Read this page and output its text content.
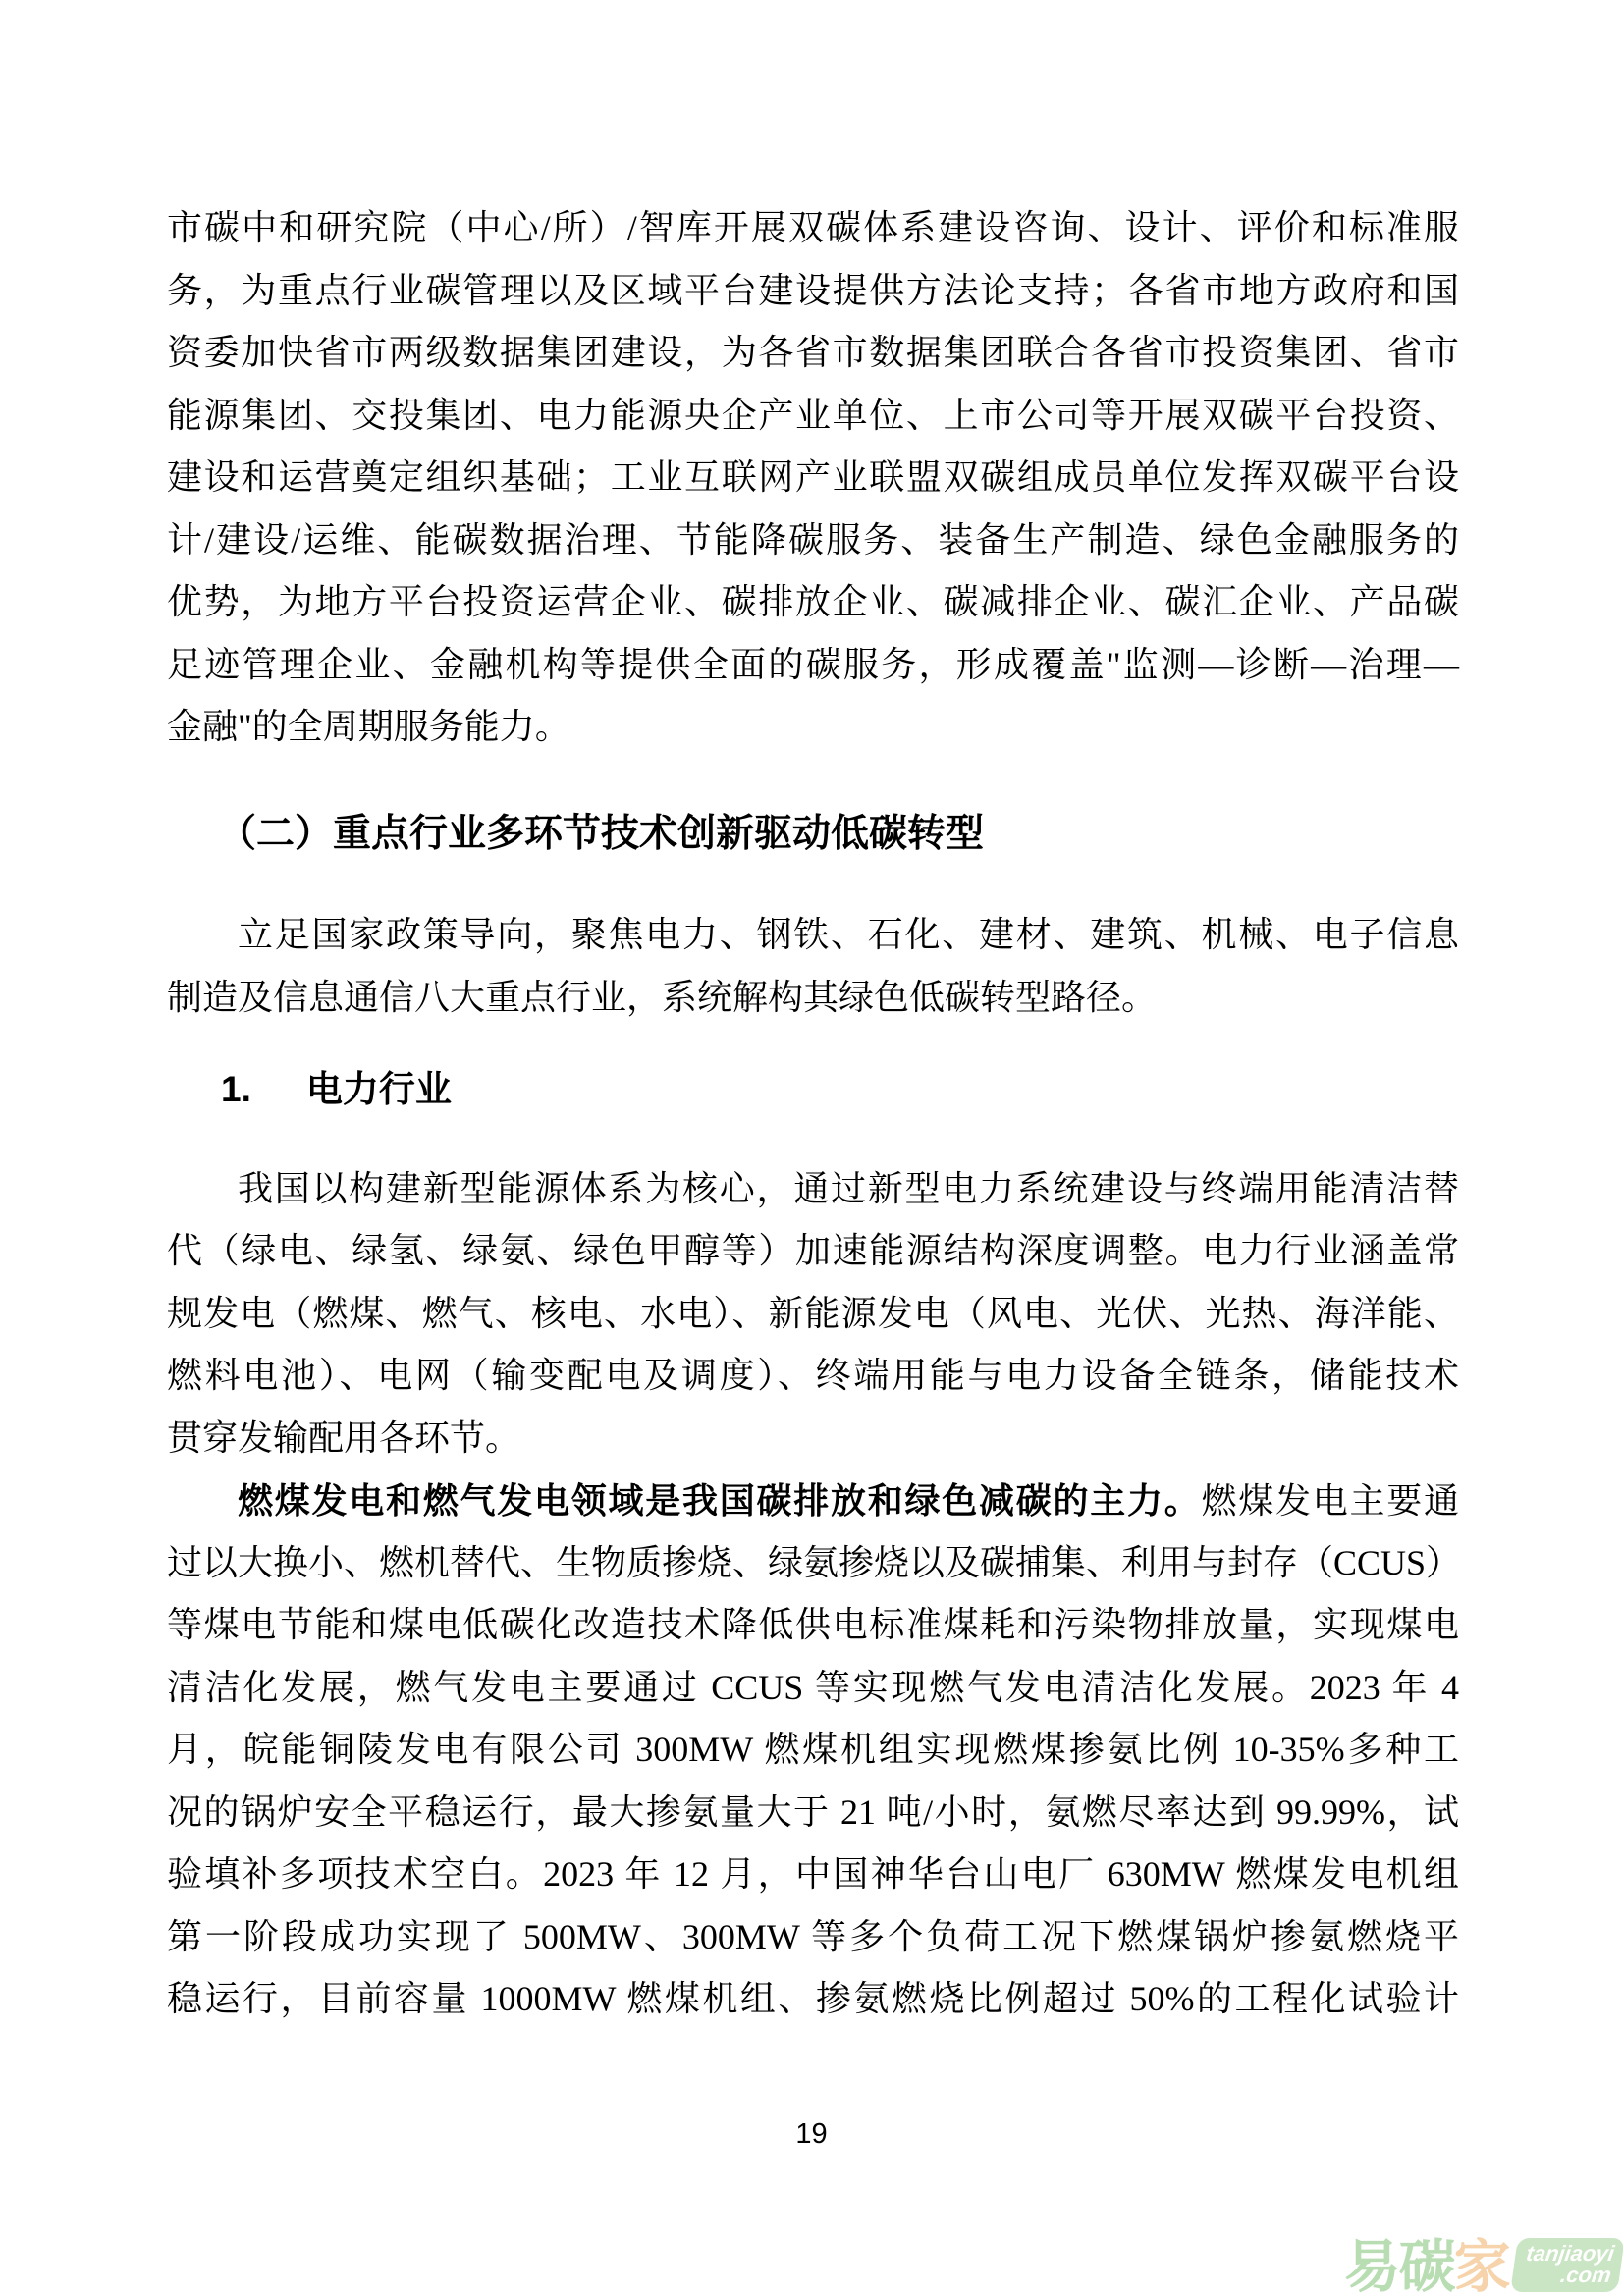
市碳中和研究院（中心/所）/智库开展双碳体系建设咨询、设计、评价和标准服
务，为重点行业碳管理以及区域平台建设提供方法论支持；各省市地方政府和国
资委加快省市两级数据集团建设，为各省市数据集团联合各省市投资集团、省市
能源集团、交投集团、电力能源央企产业单位、上市公司等开展双碳平台投资、
建设和运营奠定组织基础；工业互联网产业联盟双碳组成员单位发挥双碳平台设
计/建设/运维、能碳数据治理、节能降碳服务、装备生产制造、绿色金融服务的
优势，为地方平台投资运营企业、碳排放企业、碳减排企业、碳汇企业、产品碳
足迹管理企业、金融机构等提供全面的碳服务，形成覆盖"监测—诊断—治理—
金融"的全周期服务能力。
（二）重点行业多环节技术创新驱动低碳转型
立足国家政策导向，聚焦电力、钢铁、石化、建材、建筑、机械、电子信息
制造及信息通信八大重点行业，系统解构其绿色低碳转型路径。
1. 电力行业
我国以构建新型能源体系为核心，通过新型电力系统建设与终端用能清洁替
代（绿电、绿氢、绿氨、绿色甲醇等）加速能源结构深度调整。电力行业涵盖常
规发电（燃煤、燃气、核电、水电）、新能源发电（风电、光伏、光热、海洋能、
燃料电池）、电网（输变配电及调度）、终端用能与电力设备全链条，储能技术
贯穿发输配用各环节。
燃煤发电和燃气发电领域是我国碳排放和绿色减碳的主力。燃煤发电主要通
过以大换小、燃机替代、生物质掺烧、绿氨掺烧以及碳捕集、利用与封存（CCUS）
等煤电节能和煤电低碳化改造技术降低供电标准煤耗和污染物排放量，实现煤电
清洁化发展，燃气发电主要通过 CCUS 等实现燃气发电清洁化发展。2023 年 4
月，皖能铜陵发电有限公司 300MW 燃煤机组实现燃煤掺氨比例 10-35%多种工
况的锅炉安全平稳运行，最大掺氨量大于 21 吨/小时，氨燃尽率达到 99.99%，试
验填补多项技术空白。2023 年 12 月，中国神华台山电厂 630MW 燃煤发电机组
第一阶段成功实现了 500MW、300MW 等多个负荷工况下燃煤锅炉掺氨燃烧平
稳运行，目前容量 1000MW 燃煤机组、掺氨燃烧比例超过 50%的工程化试验计
19
易 碳 家 tanjiaoyi
.com
